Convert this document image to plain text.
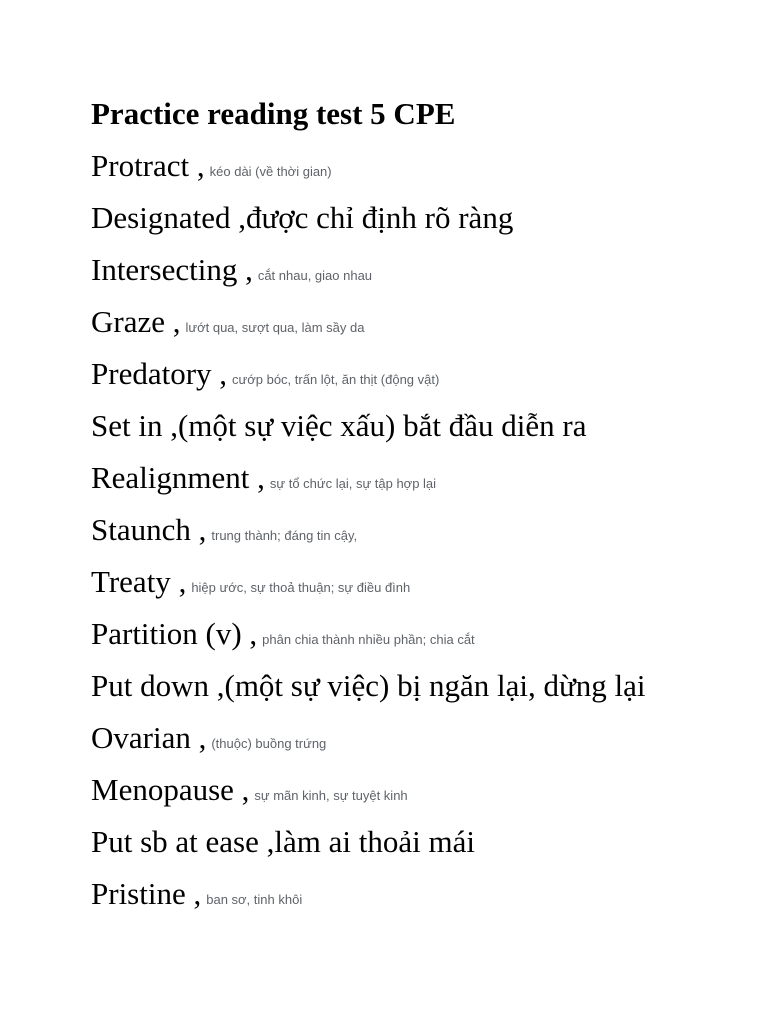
Practice reading test 5 CPE
Protract , kéo dài (về thời gian)
Designated ,được chỉ định rõ ràng
Intersecting , cắt nhau, giao nhau
Graze , lướt qua, sượt qua, làm sầy da
Predatory , cướp bóc, trấn lột, ăn thịt (động vật)
Set in ,(một sự việc xấu) bắt đầu diễn ra
Realignment , sự tổ chức lại, sự tập hợp lại
Staunch , trung thành; đáng tin cậy,
Treaty , hiệp ước, sự thoả thuận; sự điều đình
Partition (v) , phân chia thành nhiều phần; chia cắt
Put down ,(một sự việc) bị ngăn lại, dừng lại
Ovarian , (thuộc) buồng trứng
Menopause , sự mãn kinh, sự tuyệt kinh
Put sb at ease ,làm ai thoải mái
Pristine , ban sơ, tinh khôi
